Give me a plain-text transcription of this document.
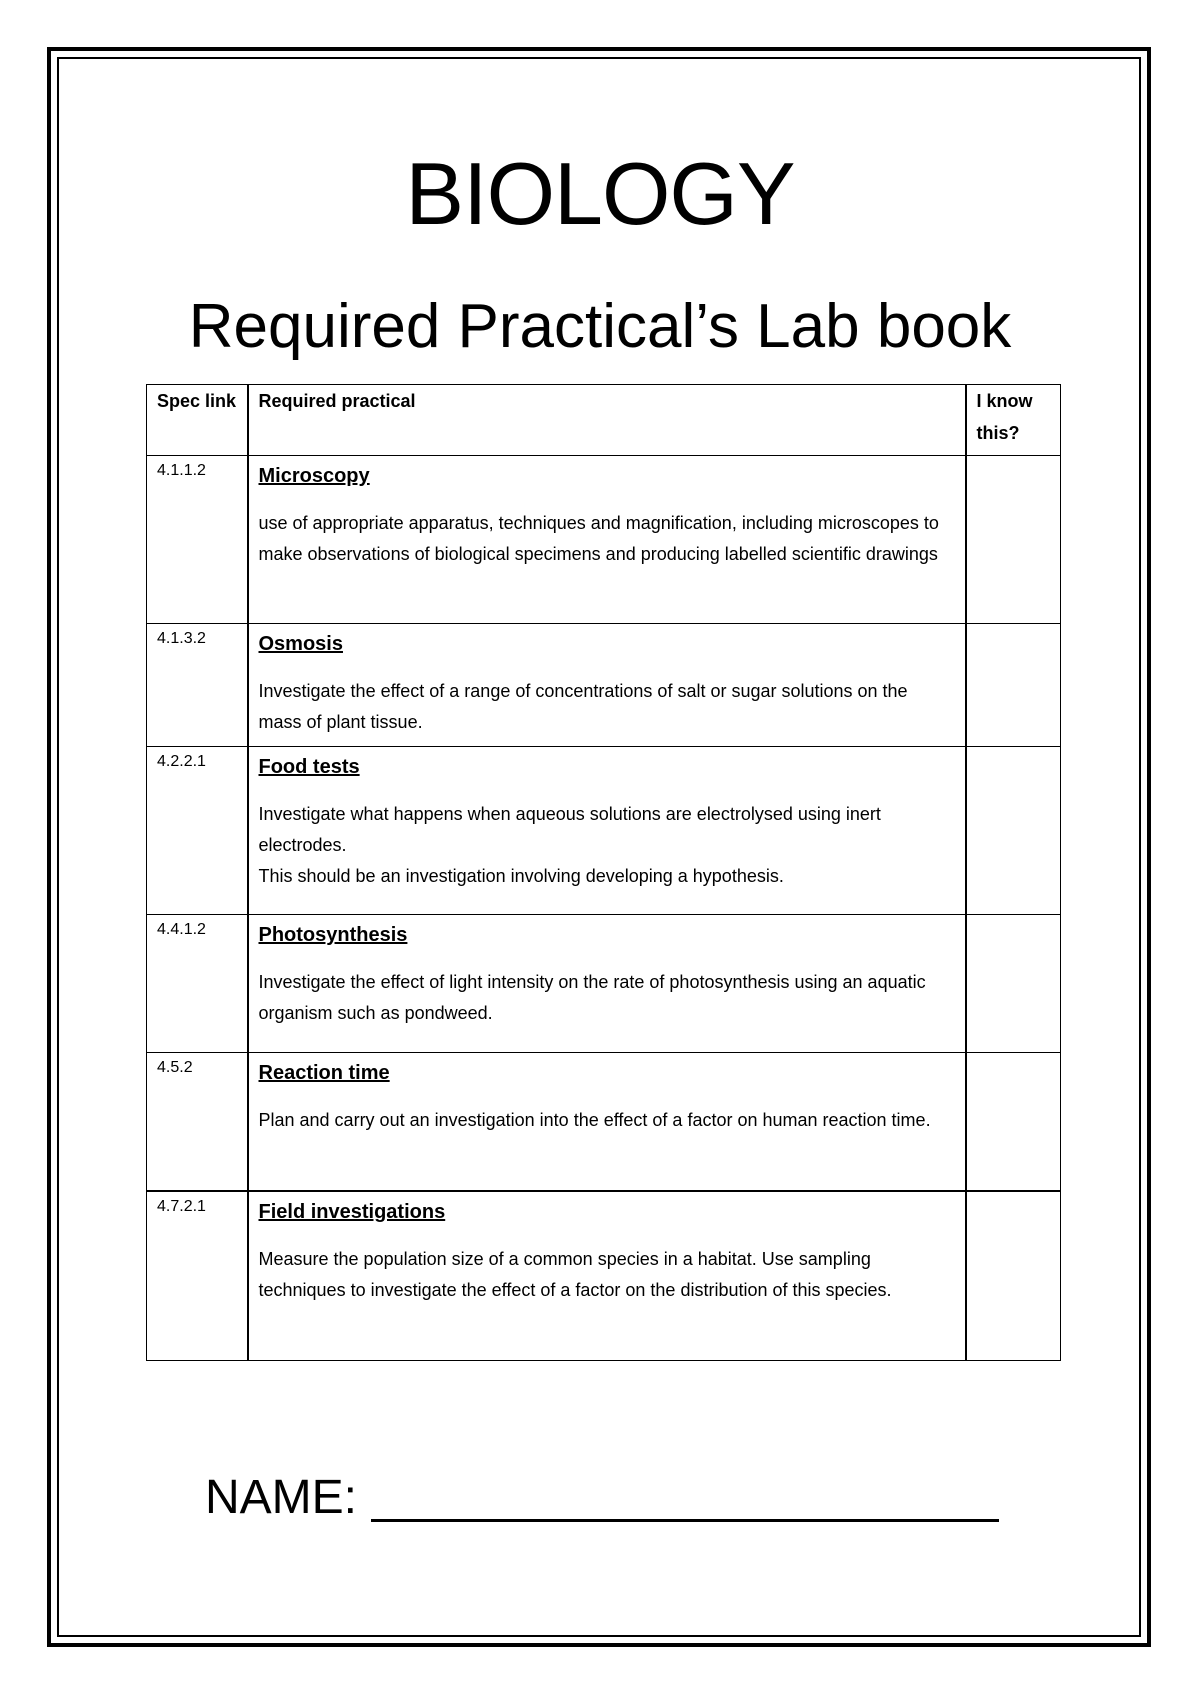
BIOLOGY
Required Practical’s Lab book
Spec link	Required practical	I know this?
4.1.1.2	Microscopy
use of appropriate apparatus, techniques and magnification, including microscopes to make observations of biological specimens and producing labelled scientific drawings	

4.1.3.2	Osmosis
Investigate the effect of a range of concentrations of salt or sugar solutions on the mass of plant tissue.	

4.2.2.1	Food tests
Investigate what happens when aqueous solutions are electrolysed using inert electrodes.
This should be an investigation involving developing a hypothesis.	

4.4.1.2	Photosynthesis
Investigate the effect of light intensity on the rate of photosynthesis using an aquatic organism such as pondweed.	

4.5.2	Reaction time
Plan and carry out an investigation into the effect of a factor on human reaction time.	

4.7.2.1	Field investigations
Measure the population size of a common species in a habitat. Use sampling techniques to investigate the effect of a factor on the distribution of this species.	

NAME:
